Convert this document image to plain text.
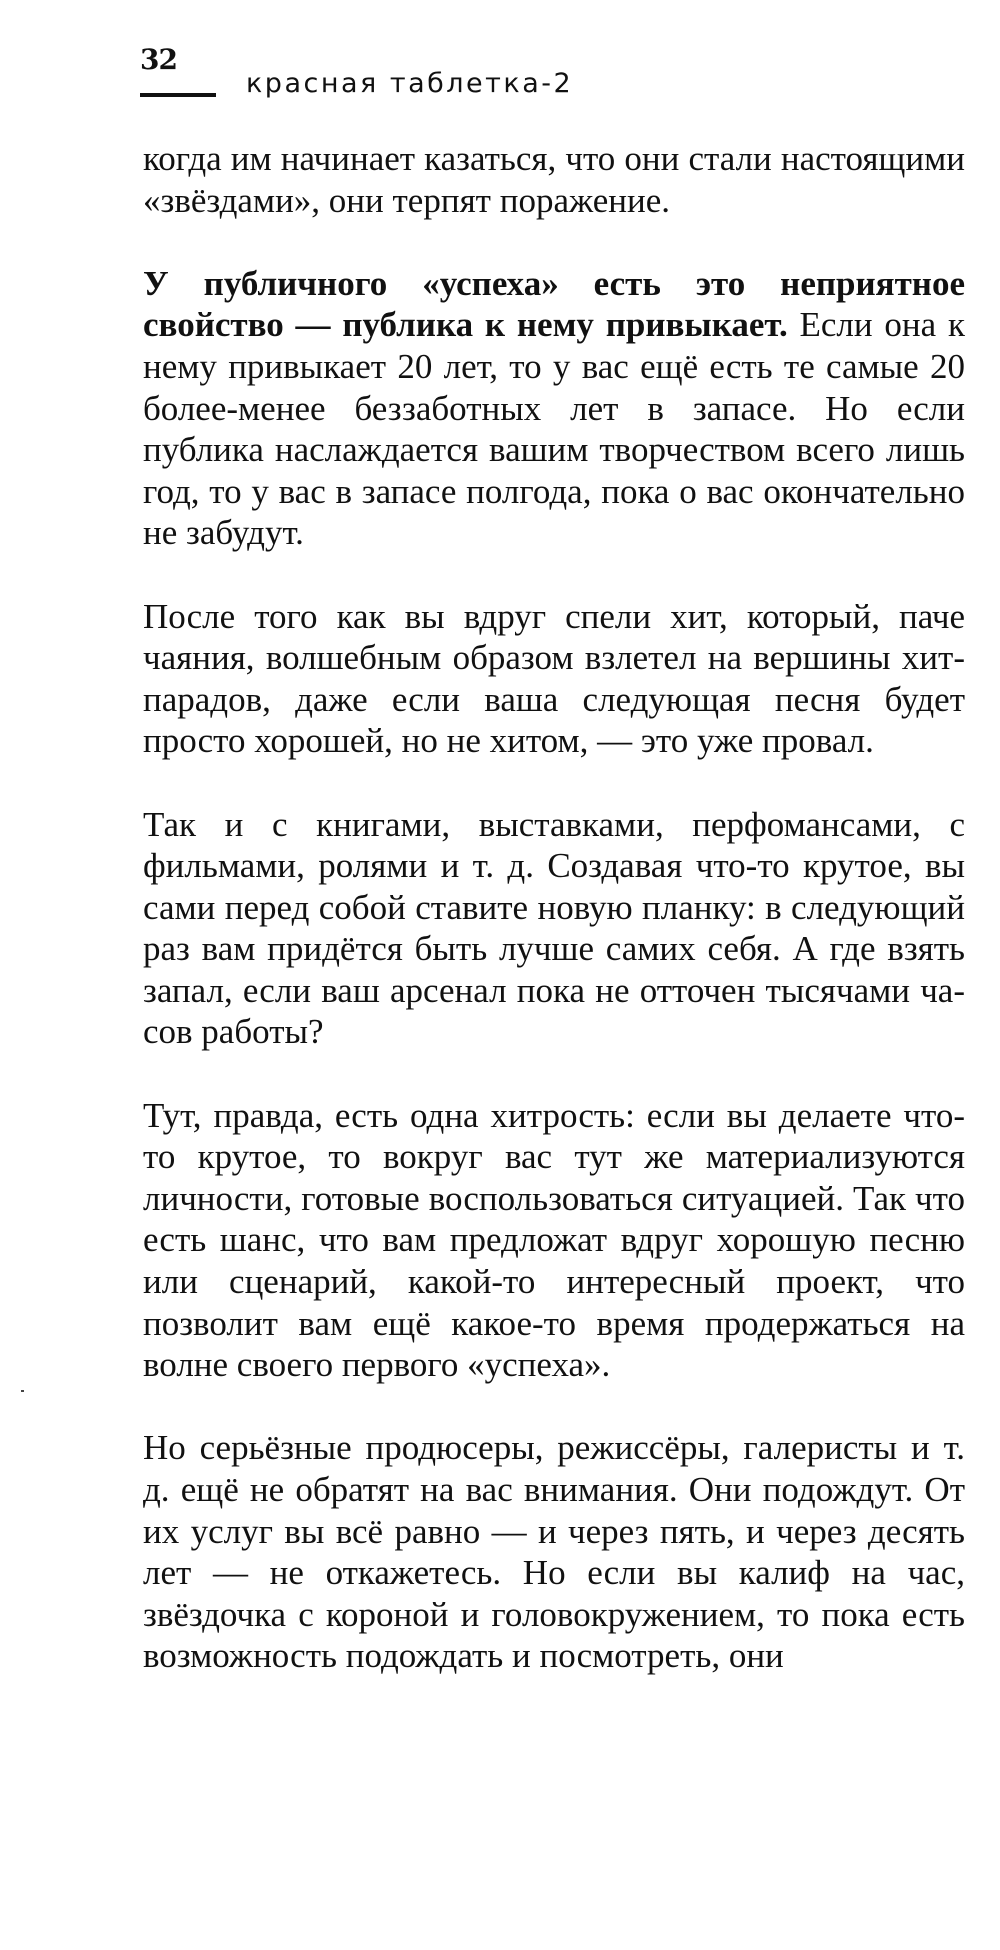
32
красная таблетка-2

когда им начинает казаться, что они стали настоящими «звёздами», они терпят поражение.

У публичного «успеха» есть это неприятное свойство — публика к нему привыкает. Если она к нему привыкает 20 лет, то у вас ещё есть те самые 20 более-менее беззаботных лет в запасе. Но если публика наслаждается вашим творчеством всего лишь год, то у вас в запасе полгода, пока о вас окончательно не забудут.

После того как вы вдруг спели хит, который, паче чаяния, волшебным образом взлетел на вершины хит-парадов, даже если ваша следующая песня будет просто хорошей, но не хитом, — это уже провал.

Так и с книгами, выставками, перфомансами, с фильмами, ролями и т. д. Создавая что-то крутое, вы сами перед собой ставите новую планку: в следующий раз вам придётся быть лучше самих себя. А где взять запал, если ваш арсенал пока не отточен тысячами часов работы?

Тут, правда, есть одна хитрость: если вы делаете что-то крутое, то вокруг вас тут же материализуются личности, готовые воспользоваться ситуацией. Так что есть шанс, что вам предложат вдруг хорошую песню или сценарий, какой-то интересный проект, что позволит вам ещё какое-то время продержаться на волне своего первого «успеха».

Но серьёзные продюсеры, режиссёры, галеристы и т. д. ещё не обратят на вас внимания. Они подождут. От их услуг вы всё равно — и через пять, и через десять лет — не откажетесь. Но если вы калиф на час, звёздочка с короной и головокружением, то пока есть возможность подождать и посмотреть, они
